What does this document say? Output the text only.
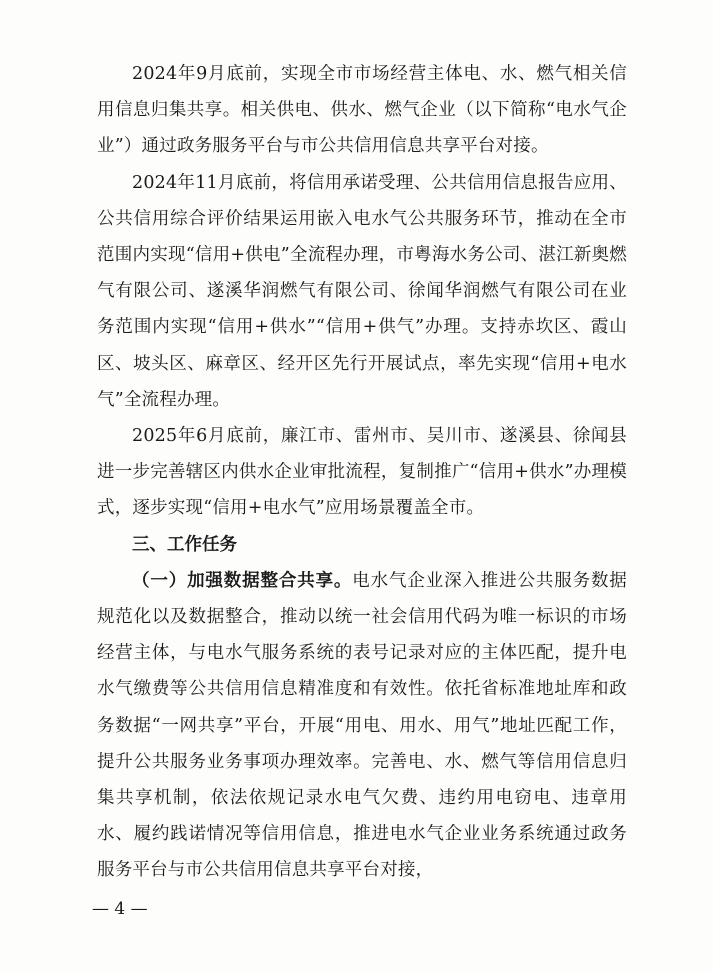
2024年9月底前，实现全市市场经营主体电、水、燃气相关信用信息归集共享。相关供电、供水、燃气企业（以下简称“电水气企业”）通过政务服务平台与市公共信用信息共享平台对接。

2024年11月底前，将信用承诺受理、公共信用信息报告应用、公共信用综合评价结果运用嵌入电水气公共服务环节，推动在全市范围内实现“信用+供电”全流程办理，市粤海水务公司、湛江新奥燃气有限公司、遂溪华润燃气有限公司、徐闻华润燃气有限公司在业务范围内实现“信用+供水”“信用+供气”办理。支持赤坎区、霞山区、坡头区、麻章区、经开区先行开展试点，率先实现“信用+电水气”全流程办理。

2025年6月底前，廉江市、雷州市、吴川市、遂溪县、徐闻县进一步完善辖区内供水企业审批流程，复制推广“信用+供水”办理模式，逐步实现“信用+电水气”应用场景覆盖全市。

三、工作任务

（一）加强数据整合共享。电水气企业深入推进公共服务数据规范化以及数据整合，推动以统一社会信用代码为唯一标识的市场经营主体，与电水气服务系统的表号记录对应的主体匹配，提升电水气缴费等公共信用信息精准度和有效性。依托省标准地址库和政务数据“一网共享”平台，开展“用电、用水、用气”地址匹配工作，提升公共服务业务事项办理效率。完善电、水、燃气等信用信息归集共享机制，依法依规记录水电气欠费、违约用电窃电、违章用水、履约践诺情况等信用信息，推进电水气企业业务系统通过政务服务平台与市公共信用信息共享平台对接，

— 4 —
